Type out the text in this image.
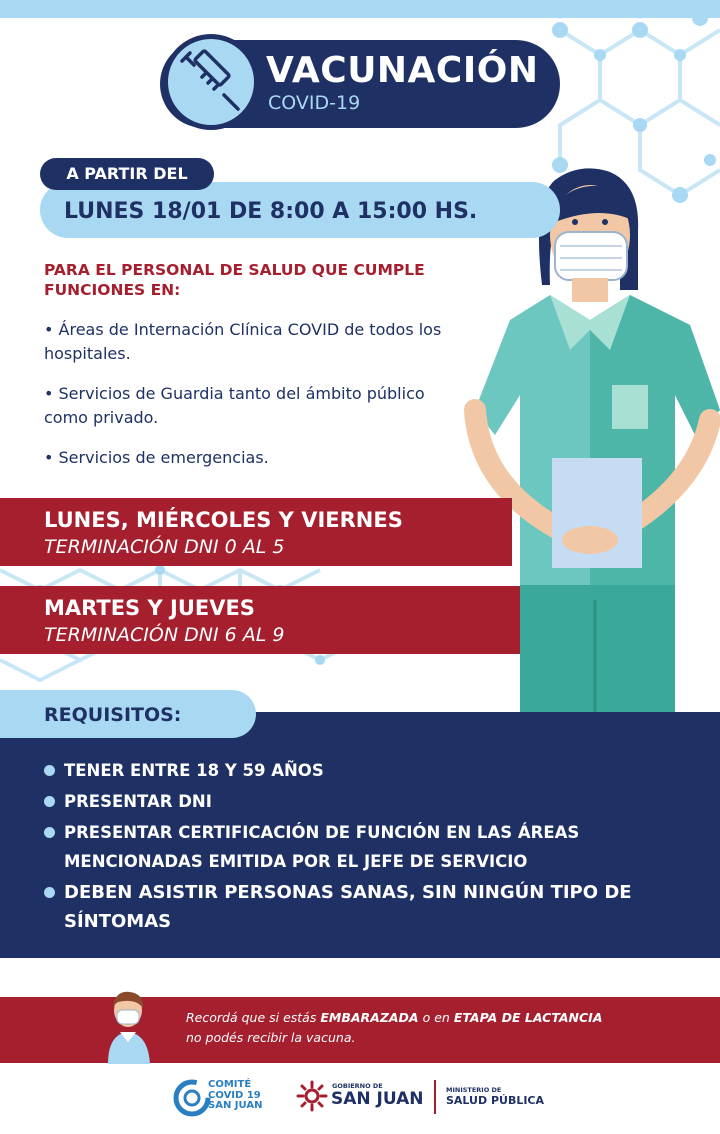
VACUNACIÓN
COVID-19
A PARTIR DEL
LUNES 18/01 DE 8:00 A 15:00 HS.
PARA EL PERSONAL DE SALUD QUE CUMPLE FUNCIONES EN:
• Áreas de Internación Clínica COVID de todos los hospitales.
• Servicios de Guardia tanto del ámbito público como privado.
• Servicios de emergencias.
LUNES, MIÉRCOLES Y VIERNES
TERMINACIÓN DNI 0 AL 5
MARTES Y JUEVES
TERMINACIÓN DNI 6 AL 9
REQUISITOS:
TENER ENTRE 18 Y 59 AÑOS
PRESENTAR DNI
PRESENTAR CERTIFICACIÓN DE FUNCIÓN EN LAS ÁREAS MENCIONADAS EMITIDA POR EL JEFE DE SERVICIO
DEBEN ASISTIR PERSONAS SANAS, SIN NINGÚN TIPO DE SÍNTOMAS
Recordá que si estás EMBARAZADA o en ETAPA DE LACTANCIA
no podés recibir la vacuna.
COMITÉ COVID 19 SAN JUAN
GOBIERNO DE
SAN JUAN	MINISTERIO DE
SALUD PÚBLICA
